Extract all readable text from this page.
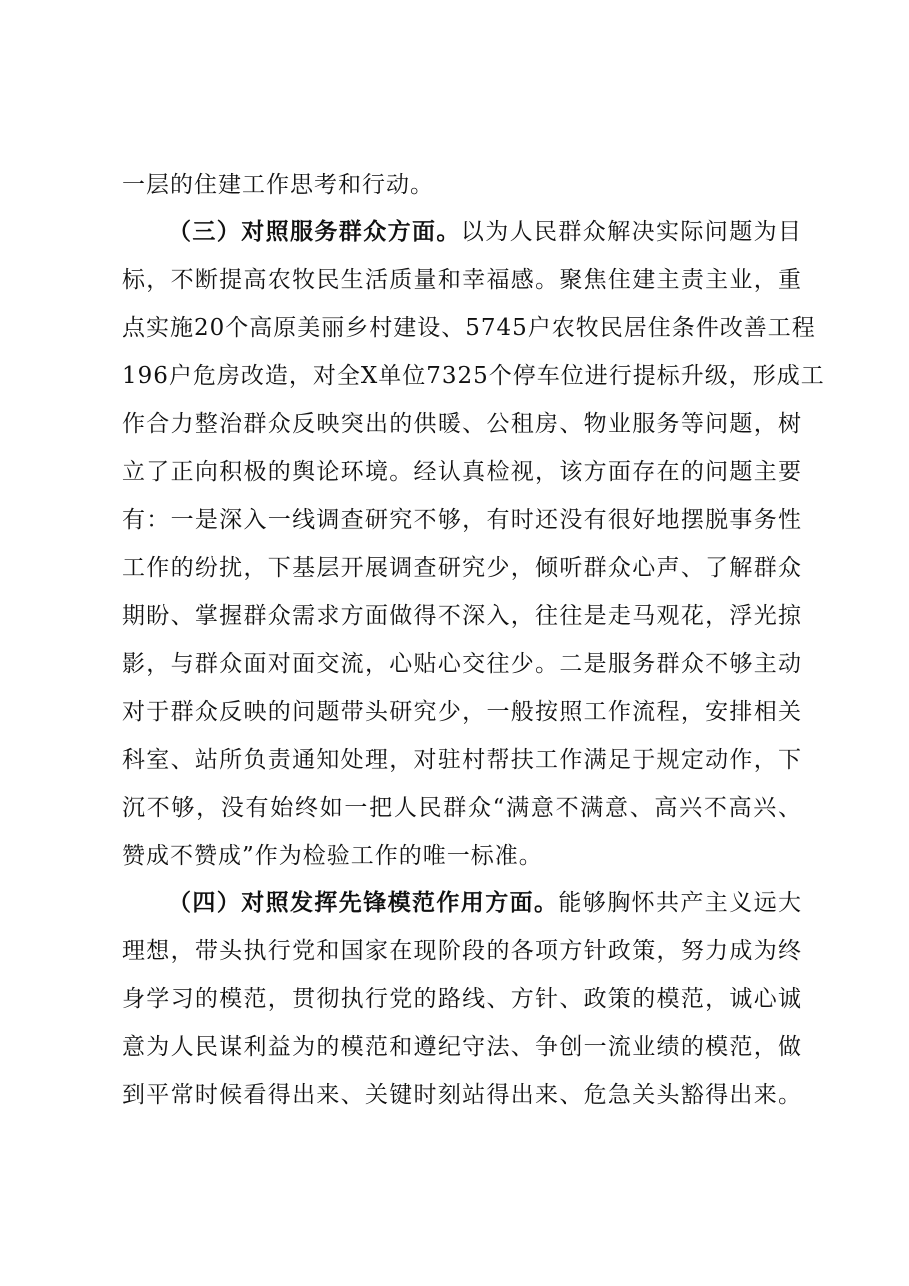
一层的住建工作思考和行动。
（三）对照服务群众方面。以为人民群众解决实际问题为目
标，不断提高农牧民生活质量和幸福感。聚焦住建主责主业，重
点实施20个高原美丽乡村建设、5745户农牧民居住条件改善工程
196户危房改造，对全X单位7325个停车位进行提标升级，形成工
作合力整治群众反映突出的供暖、公租房、物业服务等问题，树
立了正向积极的舆论环境。经认真检视，该方面存在的问题主要
有：一是深入一线调查研究不够，有时还没有很好地摆脱事务性
工作的纷扰，下基层开展调查研究少，倾听群众心声、了解群众
期盼、掌握群众需求方面做得不深入，往往是走马观花，浮光掠
影，与群众面对面交流，心贴心交往少。二是服务群众不够主动
对于群众反映的问题带头研究少，一般按照工作流程，安排相关
科室、站所负责通知处理，对驻村帮扶工作满足于规定动作，下
沉不够，没有始终如一把人民群众“满意不满意、高兴不高兴、
赞成不赞成”作为检验工作的唯一标准。
（四）对照发挥先锋模范作用方面。能够胸怀共产主义远大
理想，带头执行党和国家在现阶段的各项方针政策，努力成为终
身学习的模范，贯彻执行党的路线、方针、政策的模范，诚心诚
意为人民谋利益为的模范和遵纪守法、争创一流业绩的模范，做
到平常时候看得出来、关键时刻站得出来、危急关头豁得出来。
